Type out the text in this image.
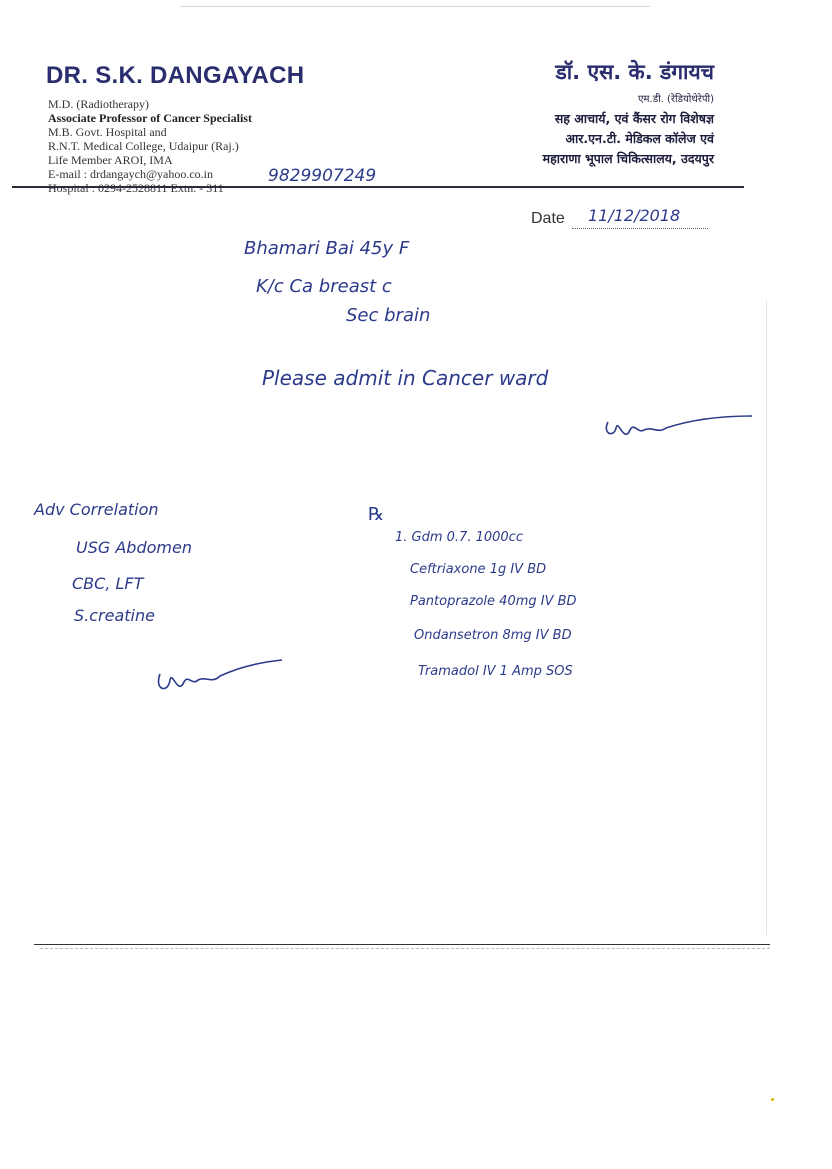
DR. S.K. DANGAYACH
M.D. (Radiotherapy)
Associate Professor of Cancer Specialist
M.B. Govt. Hospital and
R.N.T. Medical College, Udaipur (Raj.)
Life Member AROI, IMA
E-mail : drdangaych@yahoo.co.in
Hospital : 0294-2528811 Extn. - 311
9829907249
डॉ. एस. के. डंगायच
एम.डी. (रेडियोथेरेपी)
सह आचार्य, एवं कैंसर रोग विशेषज्ञ
आर.एन.टी. मेडिकल कॉलेज एवं
महाराणा भूपाल चिकित्सालय, उदयपुर
Date 11/12/2018
Bhamari Bai 45y F
K/c Ca breast c
Sec brain
Please admit in Cancer ward
Adv Correlation
USG Abdomen
CBC, LFT
S.creatine
℞
1. Gdm 0.7. 1000cc
Ceftriaxone 1g IV BD
Pantoprazole 40mg IV BD
Ondansetron 8mg IV BD
Tramadol IV 1 Amp SOS
